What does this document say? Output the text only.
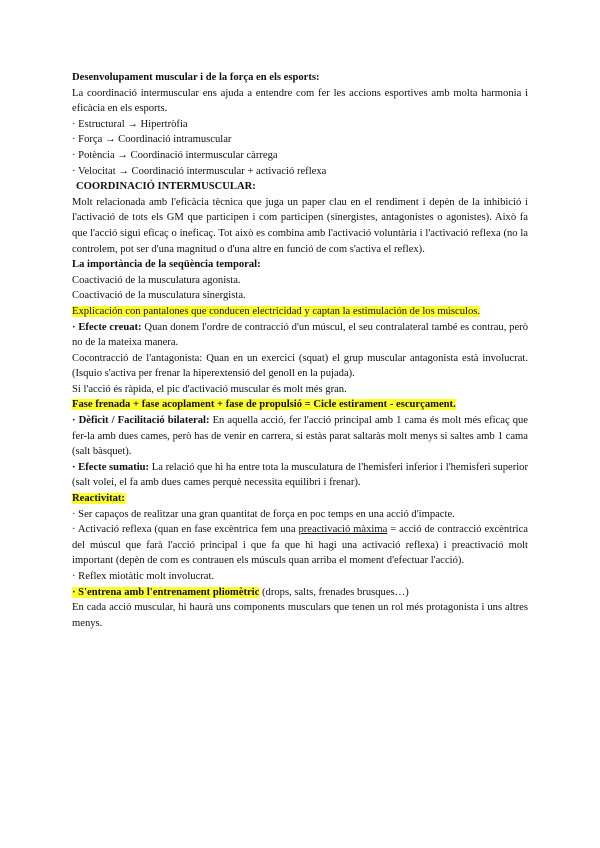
Desenvolupament muscular i de la força en els esports:

La coordinació intermuscular ens ajuda a entendre com fer les accions esportives amb molta harmonia i eficàcia en els esports.

· Estructural → Hipertròfia

· Força → Coordinació intramuscular

· Potència → Coordinació intermuscular càrrega

· Velocitat → Coordinació intermuscular + activació reflexa

COORDINACIÓ INTERMUSCULAR:

Molt relacionada amb l'eficàcia tècnica que juga un paper clau en el rendiment i depèn de la inhibició i l'activació de tots els GM que participen i com participen (sinergistes, antagonistes o agonistes). Això fa que l'acció sigui eficaç o ineficaç. Tot això es combina amb l'activació voluntària i l'activació reflexa (no la controlem, pot ser d'una magnitud o d'una altre en funció de com s'activa el reflex).

La importància de la seqüència temporal:

Coactivació de la musculatura agonista.

Coactivació de la musculatura sinergista.

Explicación con pantalones que conducen electricidad y captan la estimulación de los músculos.

· Efecte creuat: Quan donem l'ordre de contracció d'un múscul, el seu contralateral també es contrau, però no de la mateixa manera.

Cocontracció de l'antagonista: Quan en un exercici (squat) el grup muscular antagonista està involucrat. (Isquio s'activa per frenar la hiperextensió del genoll en la pujada).

Si l'acció és ràpida, el pic d'activació muscular és molt més gran.

Fase frenada + fase acoplament + fase de propulsió = Cicle estirament - escurçament.

· Dèficit / Facilitació bilateral: En aquella acció, fer l'acció principal amb 1 cama és molt més eficaç que fer-la amb dues cames, però has de venir en carrera, si estàs parat saltaràs molt menys si saltes amb 1 cama (salt bàsquet).

· Efecte sumatiu: La relació que hi ha entre tota la musculatura de l'hemisferi inferior i l'hemisferi superior (salt volei, el fa amb dues cames perquè necessita equilibri i frenar).

Reactivitat:

· Ser capaços de realitzar una gran quantitat de força en poc temps en una acció d'impacte.

· Activació reflexa (quan en fase excèntrica fem una preactivació màxima = acció de contracció excèntrica del múscul que farà l'acció principal i que fa que hi hagi una activació reflexa) i preactivació molt important (depèn de com es contrauen els músculs quan arriba el moment d'efectuar l'acció).

· Reflex miotàtic molt involucrat.

· S'entrena amb l'entrenament pliomètric (drops, salts, frenades brusques…)

En cada acció muscular, hi haurà uns components musculars que tenen un rol més protagonista i uns altres menys.
